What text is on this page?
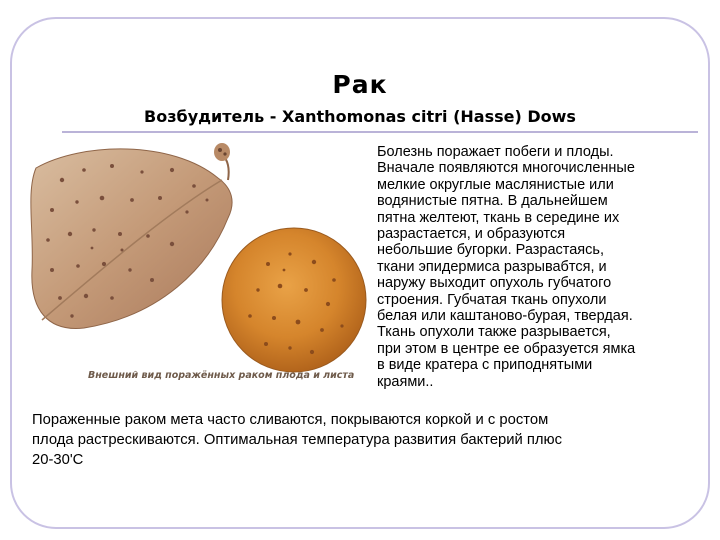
Рак
Возбудитель - Xanthomonas citri (Hasse) Dows
Внешний вид поражённых раком плода и листа

Болезнь поражает побеги и плоды.
Вначале появляются многочисленные
мелкие округлые маслянистые или
водянистые пятна. В дальнейшем
пятна желтеют, ткань в середине их
разрастается, и образуются
небольшие бугорки. Разрастаясь,
ткани эпидермиса разрывабтся, и
наружу выходит опухоль губчатого
строения. Губчатая ткань опухоли
белая или каштаново-бурая, твердая.
Ткань опухоли также разрывается,
при этом в центре ее образуется ямка
в виде кратера с приподнятыми
краями..

Пораженные раком мета часто сливаются, покрываются коркой и с ростом
плода растрескиваются. Оптимальная температура развития бактерий плюс
20-30'С
